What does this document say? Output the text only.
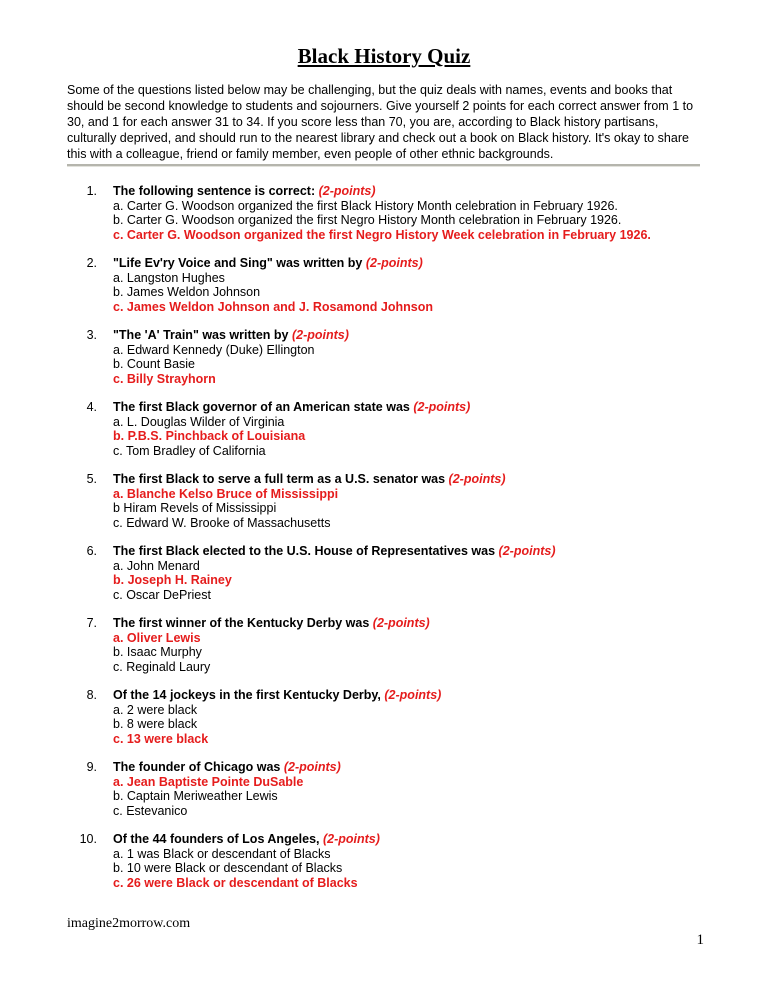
Black History Quiz

Some of the questions listed below may be challenging, but the quiz deals with names, events and books that should be second knowledge to students and sojourners. Give yourself 2 points for each correct answer from 1 to 30, and 1 for each answer 31 to 34. If you score less than 70, you are, according to Black history partisans, culturally deprived, and should run to the nearest library and check out a book on Black history. It's okay to share this with a colleague, friend or family member, even people of other ethnic backgrounds.

1. The following sentence is correct: (2-points)
a. Carter G. Woodson organized the first Black History Month celebration in February 1926.
b. Carter G. Woodson organized the first Negro History Month celebration in February 1926.
c. Carter G. Woodson organized the first Negro History Week celebration in February 1926.
2. "Life Ev'ry Voice and Sing" was written by (2-points)
a. Langston Hughes
b. James Weldon Johnson
c. James Weldon Johnson and J. Rosamond Johnson
3. "The 'A' Train" was written by (2-points)
a. Edward Kennedy (Duke) Ellington
b. Count Basie
c. Billy Strayhorn
4. The first Black governor of an American state was (2-points)
a. L. Douglas Wilder of Virginia
b. P.B.S. Pinchback of Louisiana
c. Tom Bradley of California
5. The first Black to serve a full term as a U.S. senator was (2-points)
a. Blanche Kelso Bruce of Mississippi
b Hiram Revels of Mississippi
c. Edward W. Brooke of Massachusetts
6. The first Black elected to the U.S. House of Representatives was (2-points)
a. John Menard
b. Joseph H. Rainey
c. Oscar DePriest
7. The first winner of the Kentucky Derby was (2-points)
a. Oliver Lewis
b. Isaac Murphy
c. Reginald Laury
8. Of the 14 jockeys in the first Kentucky Derby, (2-points)
a. 2 were black
b. 8 were black
c. 13 were black
9. The founder of Chicago was (2-points)
a. Jean Baptiste Pointe DuSable
b. Captain Meriweather Lewis
c. Estevanico
10. Of the 44 founders of Los Angeles, (2-points)
a. 1 was Black or descendant of Blacks
b. 10 were Black or descendant of Blacks
c. 26 were Black or descendant of Blacks
imagine2morrow.com
1
